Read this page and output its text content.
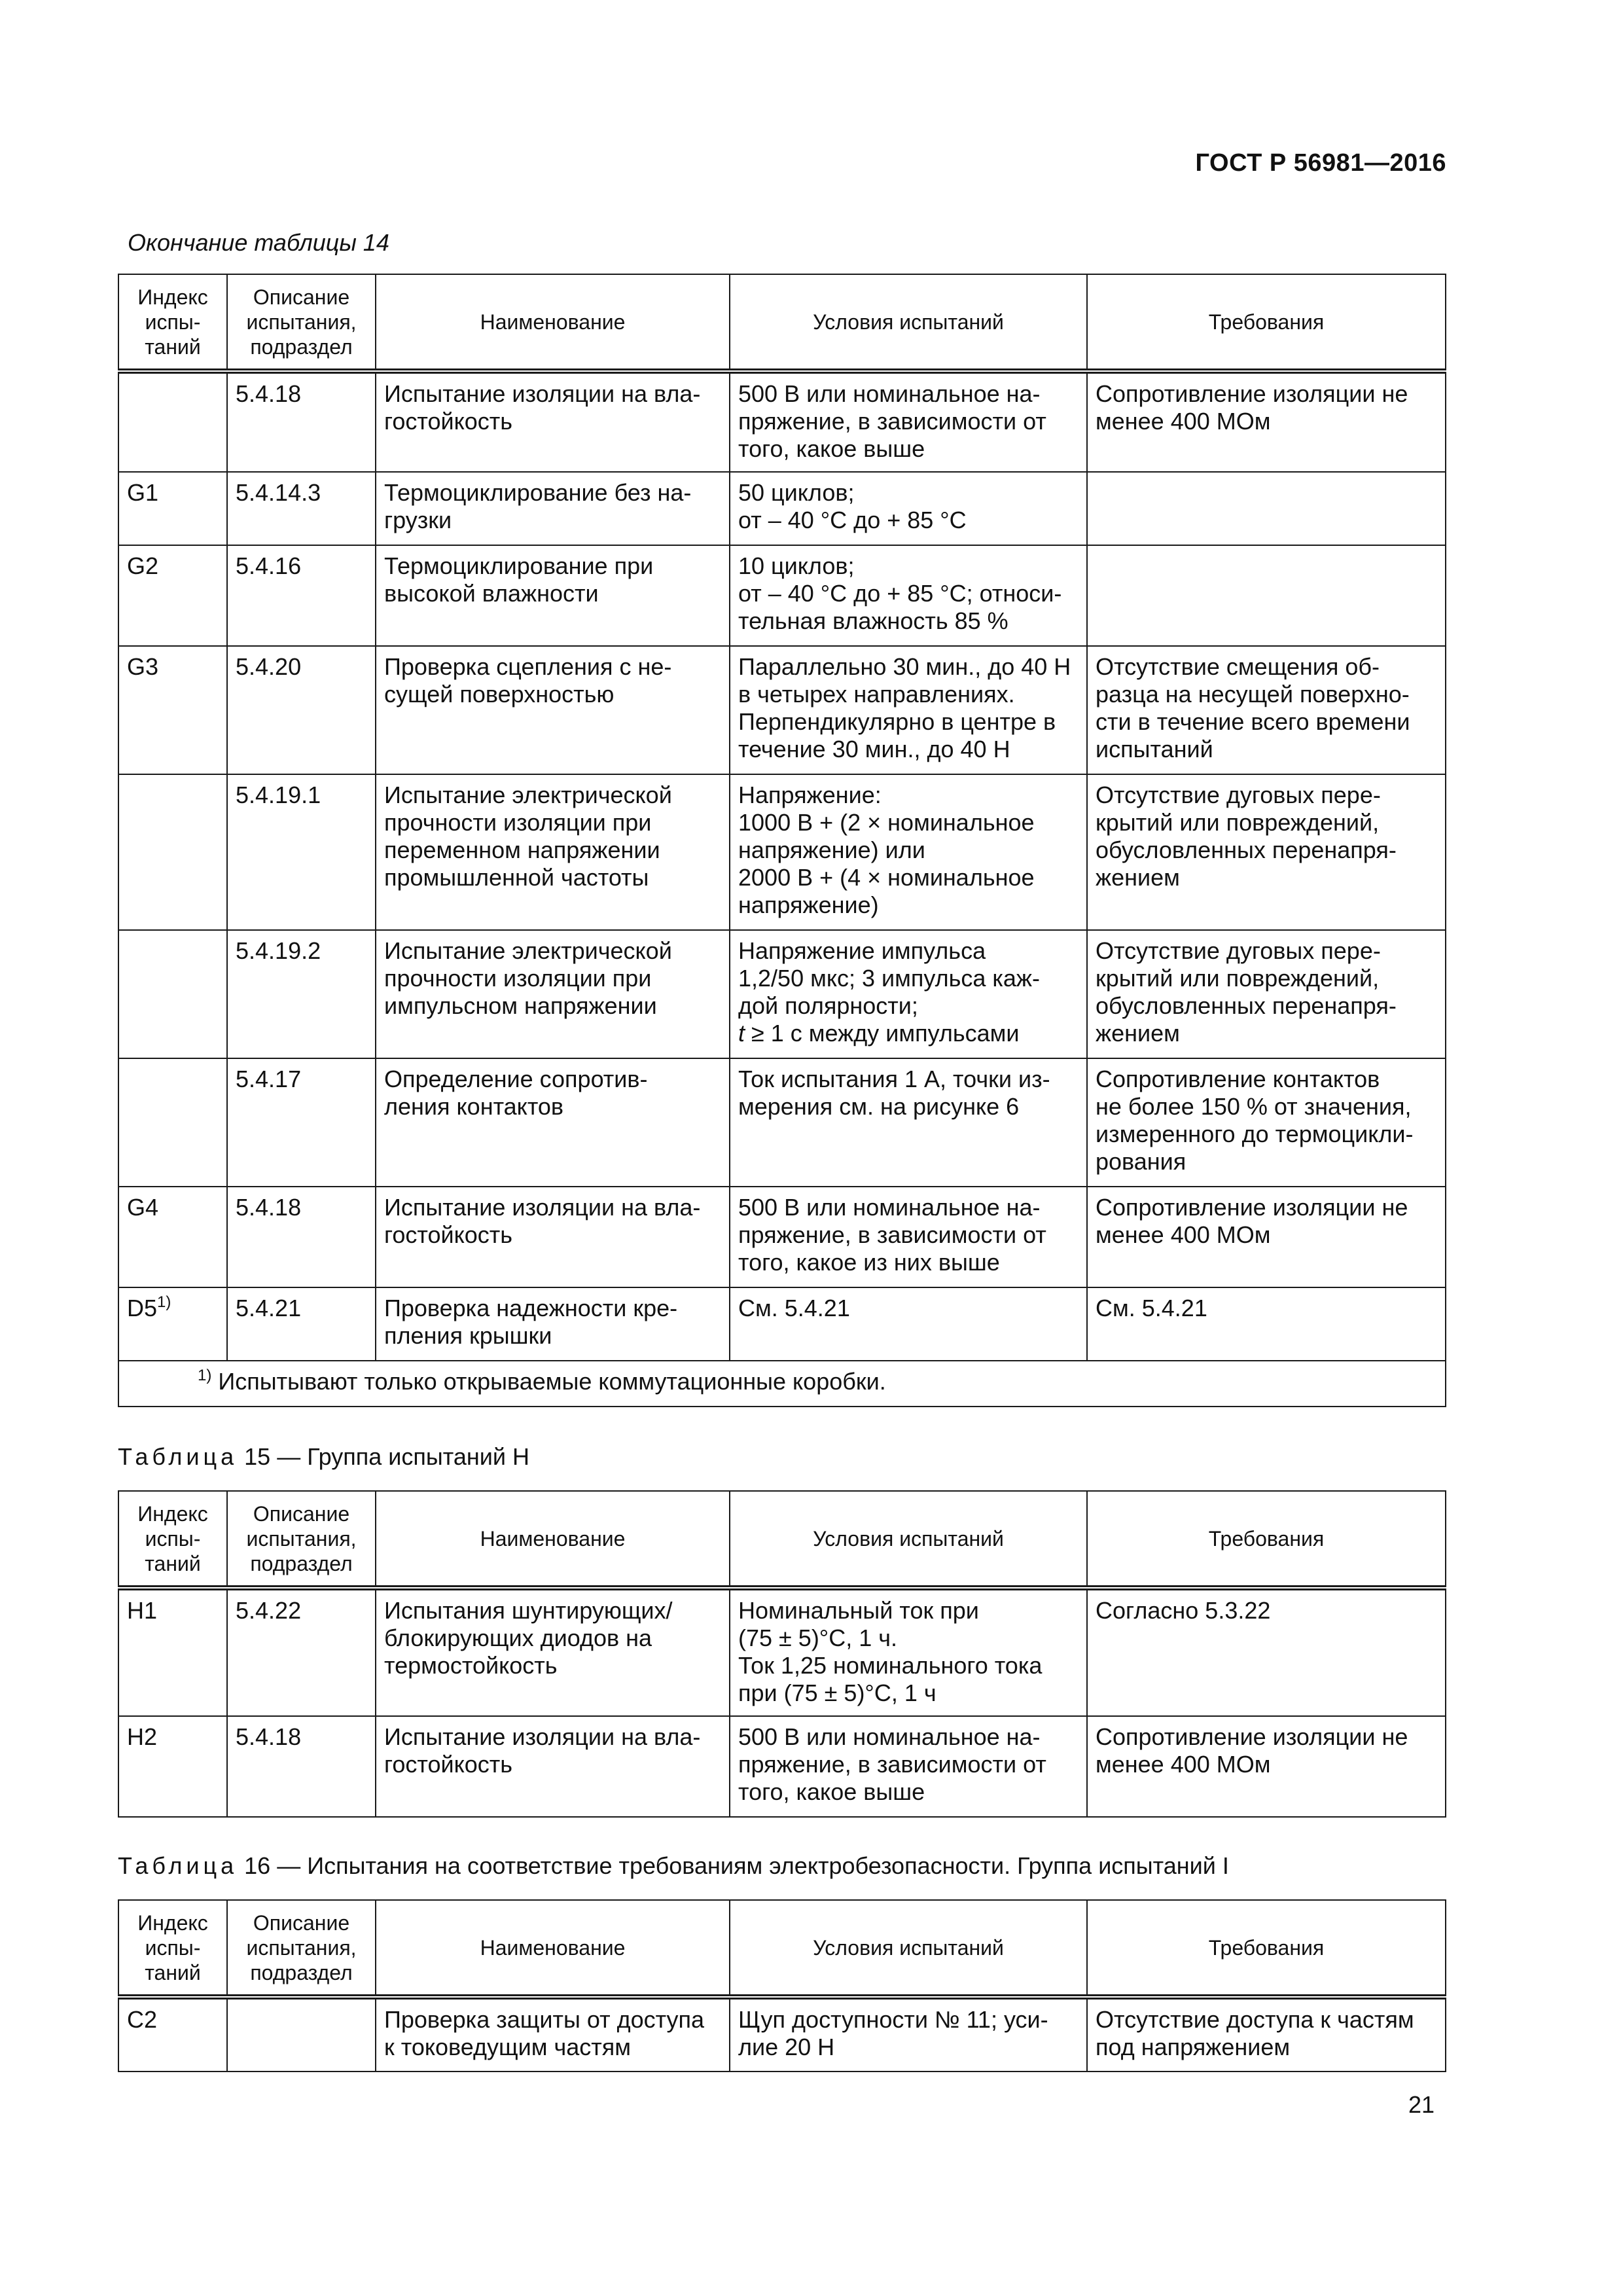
ГОСТ Р 56981—2016
Окончание таблицы 14
Индекс
испы-
таний	Описание
испытания,
подраздел	Наименование	Условия испытаний	Требования
	5.4.18	Испытание изоляции на вла-
гостойкость	500 В или номинальное на-
пряжение, в зависимости от
того, какое выше	Сопротивление изоляции не
менее 400 МОм
G1	5.4.14.3	Термоциклирование без на-
грузки	50 циклов;
от – 40 °С до + 85 °С	
G2	5.4.16	Термоциклирование при
высокой влажности	10 циклов;
от – 40 °С до + 85 °С; относи-
тельная влажность 85 %	
G3	5.4.20	Проверка сцепления с не-
сущей поверхностью	Параллельно 30 мин., до 40 Н
в четырех направлениях.
Перпендикулярно в центре в
течение 30 мин., до 40 Н	Отсутствие смещения об-
разца на несущей поверхно-
сти в течение всего времени
испытаний
	5.4.19.1	Испытание электрической
прочности изоляции при
переменном напряжении
промышленной частоты	Напряжение:
1000 В + (2 × номинальное
напряжение) или
2000 В + (4 × номинальное
напряжение)	Отсутствие дуговых пере-
крытий или повреждений,
обусловленных перенапря-
жением
	5.4.19.2	Испытание электрической
прочности изоляции при
импульсном напряжении	Напряжение импульса
1,2/50 мкс; 3 импульса каж-
дой полярности;
t ≥ 1 с между импульсами	Отсутствие дуговых пере-
крытий или повреждений,
обусловленных перенапря-
жением
	5.4.17	Определение сопротив-
ления контактов	Ток испытания 1 А, точки из-
мерения см. на рисунке 6	Сопротивление контактов
не более 150 % от значения,
измеренного до термоцикли-
рования
G4	5.4.18	Испытание изоляции на вла-
гостойкость	500 В или номинальное на-
пряжение, в зависимости от
того, какое из них выше	Сопротивление изоляции не
менее 400 МОм
D5$^{1)}$	5.4.21	Проверка надежности кре-
пления крышки	См. 5.4.21	См. 5.4.21
$^{1)}$ Испытывают только открываемые коммутационные коробки.				
Таблица 15 — Группа испытаний Н
Индекс
испы-
таний	Описание
испытания,
подраздел	Наименование	Условия испытаний	Требования
Н1	5.4.22	Испытания шунтирующих/
блокирующих диодов на
термостойкость	Номинальный ток при
(75 ± 5)°С, 1 ч.
Ток 1,25 номинального тока
при (75 ± 5)°С, 1 ч	Согласно 5.3.22
Н2	5.4.18	Испытание изоляции на вла-
гостойкость	500 В или номинальное на-
пряжение, в зависимости от
того, какое выше	Сопротивление изоляции не
менее 400 МОм
Таблица 16 — Испытания на соответствие требованиям электробезопасности. Группа испытаний I
Индекс
испы-
таний	Описание
испытания,
подраздел	Наименование	Условия испытаний	Требования
С2		Проверка защиты от доступа
к токоведущим частям	Щуп доступности № 11; уси-
лие 20 Н	Отсутствие доступа к частям
под напряжением
21
